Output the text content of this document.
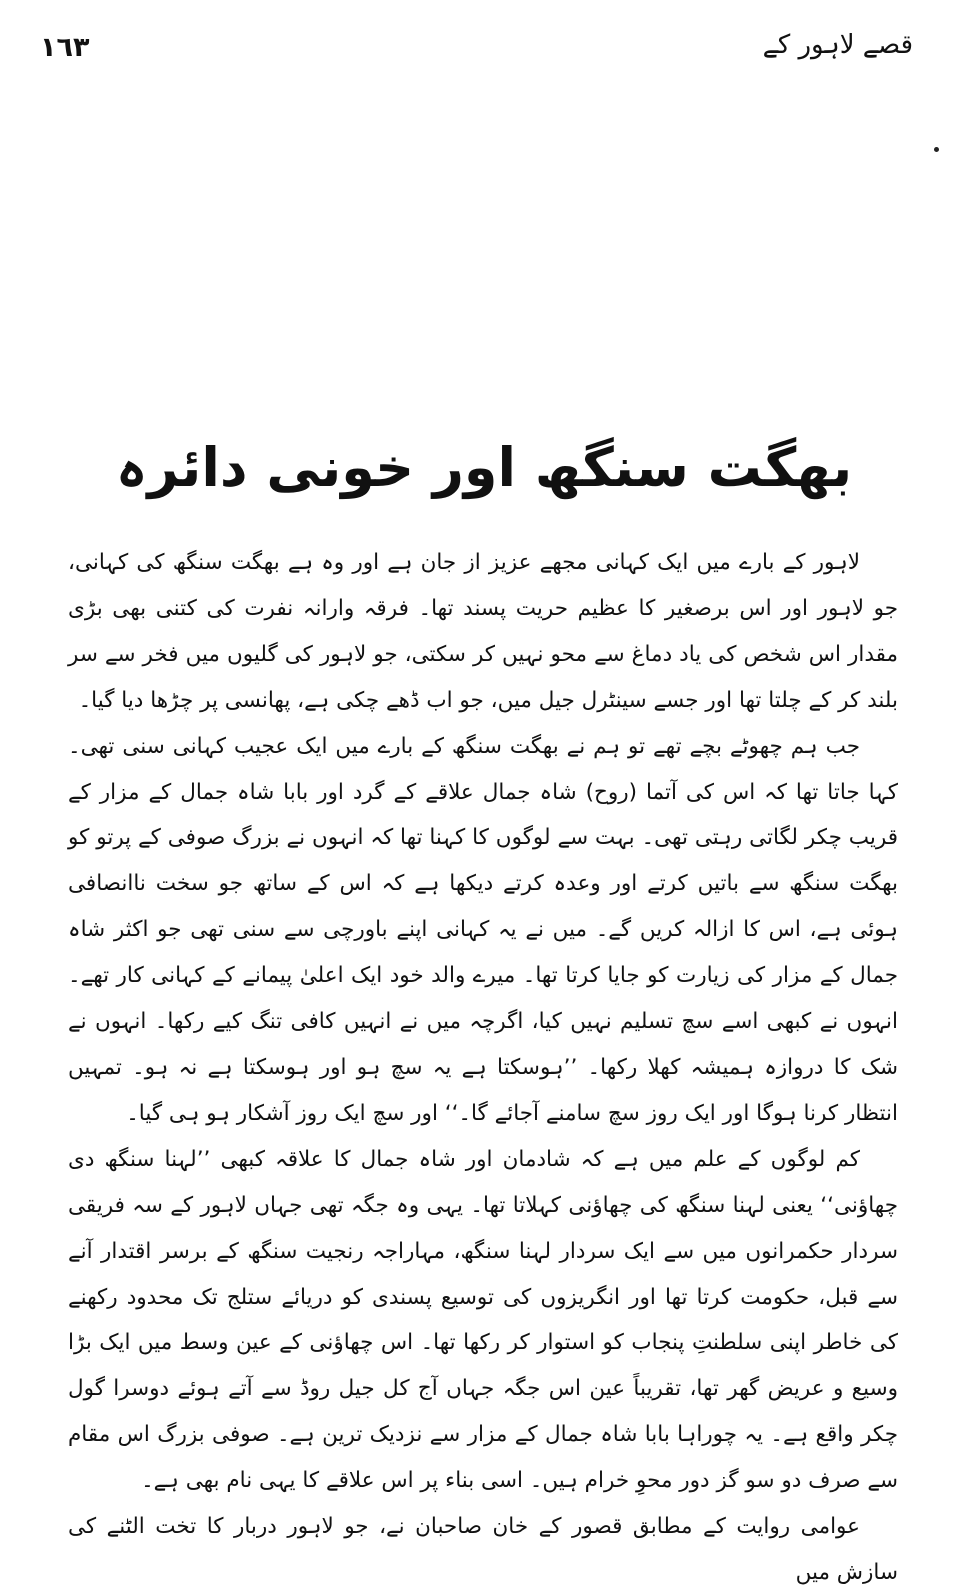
قصے لاہور کے
١٦٣
بھگت سنگھ اور خونی دائرہ

لاہور کے بارے میں ایک کہانی مجھے عزیز از جان ہے اور وہ ہے بھگت سنگھ کی کہانی، جو لاہور اور اس برصغیر کا عظیم حریت پسند تھا۔ فرقہ وارانہ نفرت کی کتنی بھی بڑی مقدار اس شخص کی یاد دماغ سے محو نہیں کر سکتی، جو لاہور کی گلیوں میں فخر سے سر بلند کر کے چلتا تھا اور جسے سینٹرل جیل میں، جو اب ڈھے چکی ہے، پھانسی پر چڑھا دیا گیا۔

جب ہم چھوٹے بچے تھے تو ہم نے بھگت سنگھ کے بارے میں ایک عجیب کہانی سنی تھی۔ کہا جاتا تھا کہ اس کی آتما (روح) شاہ جمال علاقے کے گرد اور بابا شاہ جمال کے مزار کے قریب چکر لگاتی رہتی تھی۔ بہت سے لوگوں کا کہنا تھا کہ انہوں نے بزرگ صوفی کے پرتو کو بھگت سنگھ سے باتیں کرتے اور وعدہ کرتے دیکھا ہے کہ اس کے ساتھ جو سخت ناانصافی ہوئی ہے، اس کا ازالہ کریں گے۔ میں نے یہ کہانی اپنے باورچی سے سنی تھی جو اکثر شاہ جمال کے مزار کی زیارت کو جایا کرتا تھا۔ میرے والد خود ایک اعلیٰ پیمانے کے کہانی کار تھے۔ انہوں نے کبھی اسے سچ تسلیم نہیں کیا، اگرچہ میں نے انہیں کافی تنگ کیے رکھا۔ انہوں نے شک کا دروازہ ہمیشہ کھلا رکھا۔ ’’ہوسکتا ہے یہ سچ ہو اور ہوسکتا ہے نہ ہو۔ تمہیں انتظار کرنا ہوگا اور ایک روز سچ سامنے آجائے گا۔‘‘ اور سچ ایک روز آشکار ہو ہی گیا۔

کم لوگوں کے علم میں ہے کہ شادمان اور شاہ جمال کا علاقہ کبھی ’’لہنا سنگھ دی چھاؤنی‘‘ یعنی لہنا سنگھ کی چھاؤنی کہلاتا تھا۔ یہی وہ جگہ تھی جہاں لاہور کے سہ فریقی سردار حکمرانوں میں سے ایک سردار لہنا سنگھ، مہاراجہ رنجیت سنگھ کے برسر اقتدار آنے سے قبل، حکومت کرتا تھا اور انگریزوں کی توسیع پسندی کو دریائے ستلج تک محدود رکھنے کی خاطر اپنی سلطنتِ پنجاب کو استوار کر رکھا تھا۔ اس چھاؤنی کے عین وسط میں ایک بڑا وسیع و عریض گھر تھا، تقریباً عین اس جگہ جہاں آج کل جیل روڈ سے آتے ہوئے دوسرا گول چکر واقع ہے۔ یہ چوراہا بابا شاہ جمال کے مزار سے نزدیک ترین ہے۔ صوفی بزرگ اس مقام سے صرف دو سو گز دور محوِ خرام ہیں۔ اسی بناء پر اس علاقے کا یہی نام بھی ہے۔

عوامی روایت کے مطابق قصور کے خان صاحبان نے، جو لاہور دربار کا تخت الٹنے کی سازش میں
